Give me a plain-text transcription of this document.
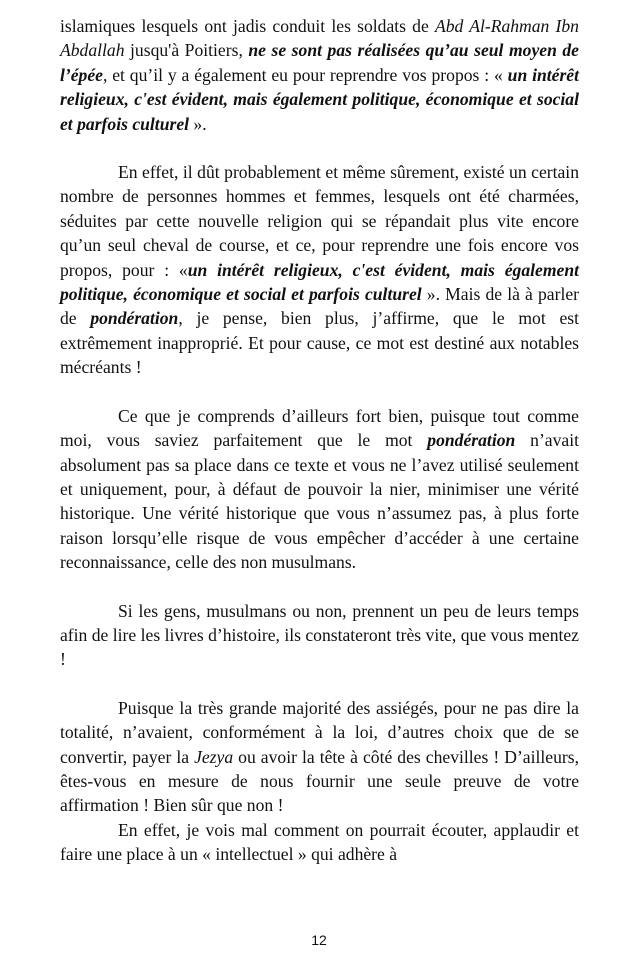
islamiques lesquels ont jadis conduit les soldats de Abd Al-Rahman Ibn Abdallah jusqu'à Poitiers, ne se sont pas réalisées qu’au seul moyen de l’épée, et qu’il y a également eu pour reprendre vos propos : « un intérêt religieux, c'est évident, mais également politique, économique et social et parfois culturel ».

En effet, il dût probablement et même sûrement, existé un certain nombre de personnes hommes et femmes, lesquels ont été charmées, séduites par cette nouvelle religion qui se répandait plus vite encore qu’un seul cheval de course, et ce, pour reprendre une fois encore vos propos, pour : «un intérêt religieux, c'est évident, mais également politique, économique et social et parfois culturel ». Mais de là à parler de pondération, je pense, bien plus, j’affirme, que le mot est extrêmement inapproprié. Et pour cause, ce mot est destiné aux notables mécréants !

Ce que je comprends d’ailleurs fort bien, puisque tout comme moi, vous saviez parfaitement que le mot pondération n’avait absolument pas sa place dans ce texte et vous ne l’avez utilisé seulement et uniquement, pour, à défaut de pouvoir la nier, minimiser une vérité historique. Une vérité historique que vous n’assumez pas, à plus forte raison lorsqu’elle risque de vous empêcher d’accéder à une certaine reconnaissance, celle des non musulmans.

Si les gens, musulmans ou non, prennent un peu de leurs temps afin de lire les livres d’histoire, ils constateront très vite, que vous mentez !

Puisque la très grande majorité des assiégés, pour ne pas dire la totalité, n’avaient, conformément à la loi, d’autres choix que de se convertir, payer la Jezya ou avoir la tête à côté des chevilles ! D’ailleurs, êtes-vous en mesure de nous fournir une seule preuve de votre affirmation ! Bien sûr que non !

En effet, je vois mal comment on pourrait écouter, applaudir et faire une place à un « intellectuel » qui adhère à

12
